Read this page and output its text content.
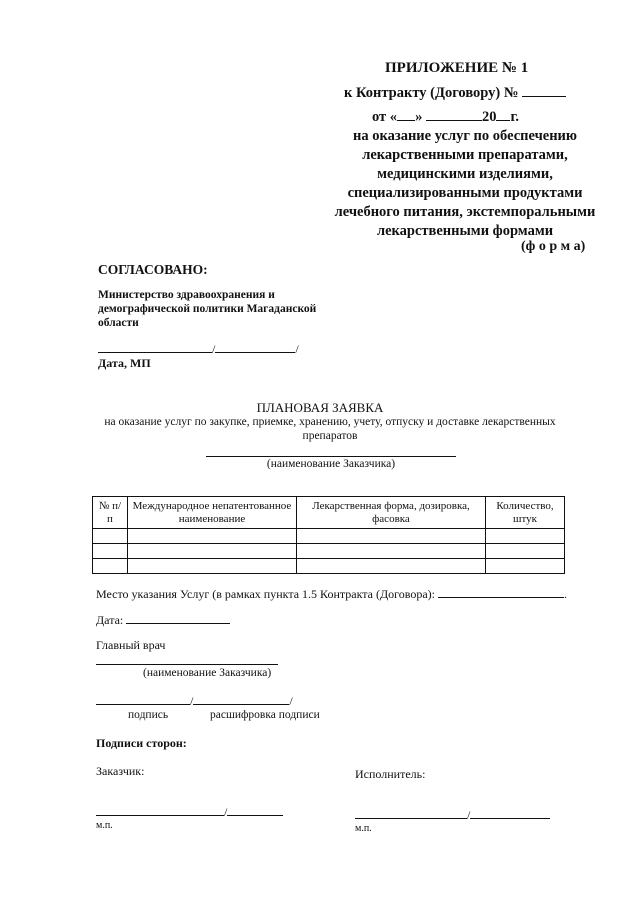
ПРИЛОЖЕНИЕ № 1
к Контракту (Договору) №
от « »	20 г.
на оказание услуг по обеспечению
лекарственными препаратами,
медицинскими изделиями,
специализированными продуктами
лечебного питания, экстемпоральными
лекарственными формами
(ф о р м а)
СОГЛАСОВАНО:
Министерство здравоохранения и
демографической политики Магаданской
области
/	/
Дата, МП
ПЛАНОВАЯ ЗАЯВКА
на оказание услуг по закупке, приемке, хранению, учету, отпуску и доставке лекарственных
препаратов
(наименование Заказчика)
№ п/п	Международное непатентованное наименование	Лекарственная форма, дозировка, фасовка	Количество, штук

Место указания Услуг (в рамках пункта 1.5 Контракта (Договора):	.
Дата:
Главный врач
(наименование Заказчика)
/	/
подпись	расшифровка подписи
Подписи сторон:
Заказчик:	Исполнитель:
/	/
м.п.	м.п.
